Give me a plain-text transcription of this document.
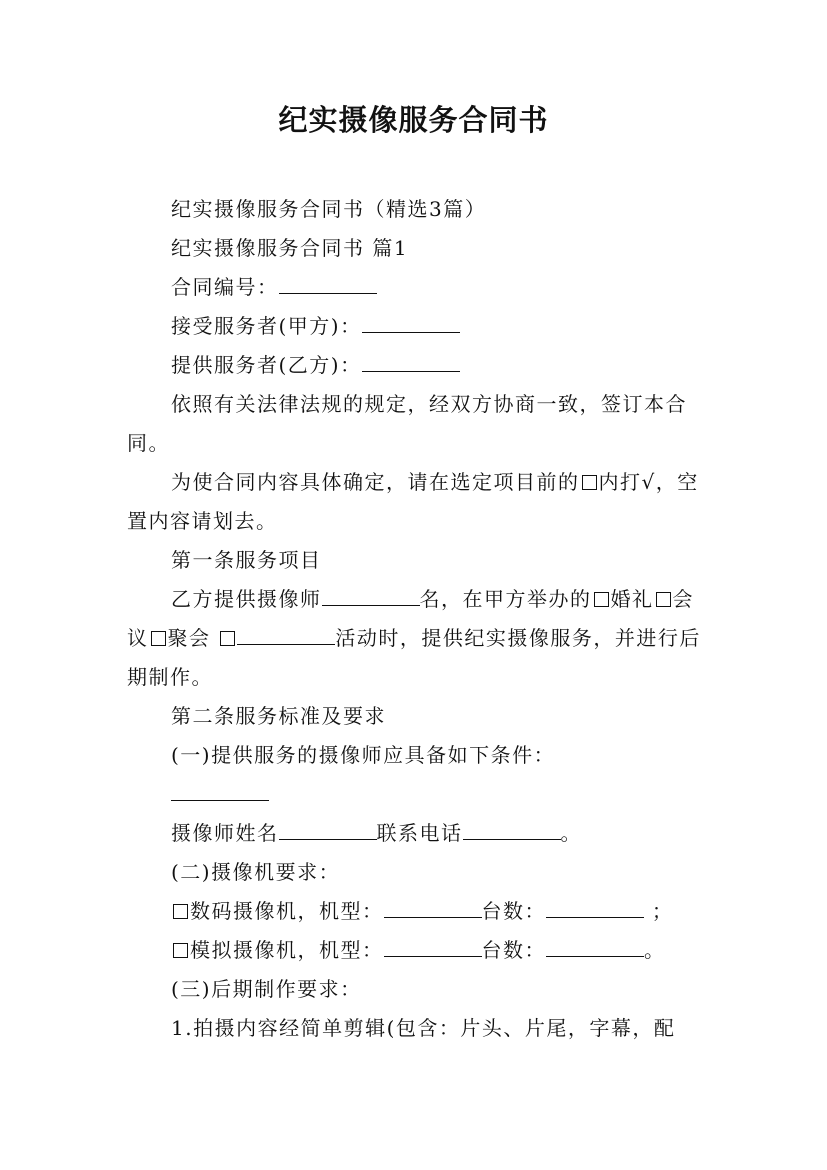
纪实摄像服务合同书

纪实摄像服务合同书（精选3篇）

纪实摄像服务合同书 篇1

合同编号：

接受服务者(甲方)：

提供服务者(乙方)：

依照有关法律法规的规定，经双方协商一致，签订本合同。

为使合同内容具体确定，请在选定项目前的 内打√，空置内容请划去。

第一条服务项目

乙方提供摄像师	名，在甲方举办的 婚礼 会议 聚会	活动时，提供纪实摄像服务，并进行后期制作。

第二条服务标准及要求

(一)提供服务的摄像师应具备如下条件：

摄像师姓名	联系电话	。

(二)摄像机要求：

数码摄像机，机型：	台数：	；

模拟摄像机，机型：	台数：	。

(三)后期制作要求：

1.拍摄内容经简单剪辑(包含：片头、片尾，字幕，配
